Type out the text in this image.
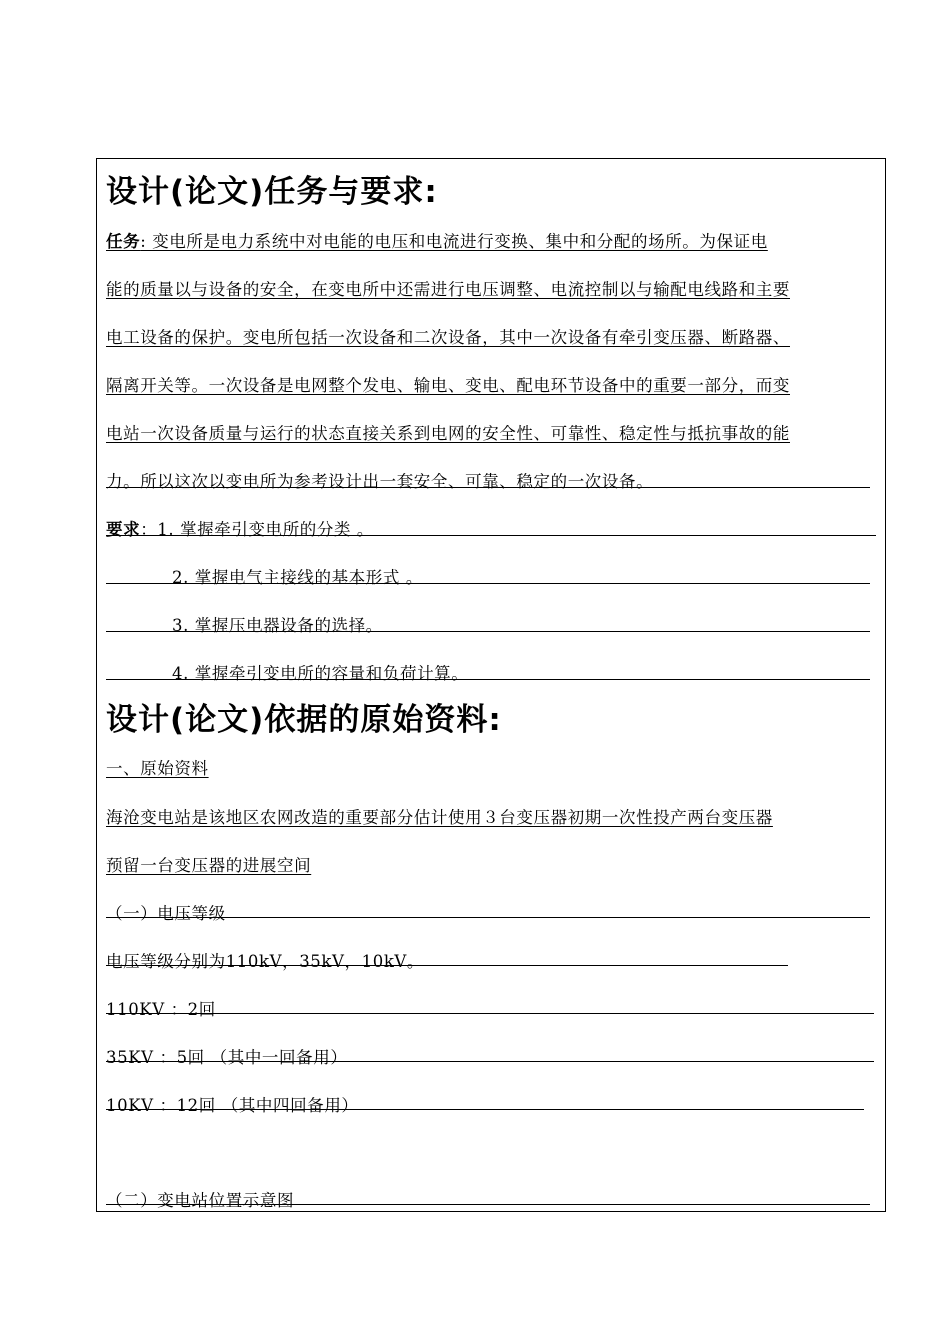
设计(论文)任务与要求:
任务: 变电所是电力系统中对电能的电压和电流进行变换、集中和分配的场所。为保证电
能的质量以与设备的安全，在变电所中还需进行电压调整、电流控制以与输配电线路和主要
电工设备的保护。变电所包括一次设备和二次设备，其中一次设备有牵引变压器、断路器、
隔离开关等。一次设备是电网整个发电、输电、变电、配电环节设备中的重要一部分，而变
电站一次设备质量与运行的状态直接关系到电网的安全性、可靠性、稳定性与抵抗事故的能
力。所以这次以变电所为参考设计出一套安全、可靠、稳定的一次设备。
要求：1. 掌握牵引变电所的分类 。
2. 掌握电气主接线的基本形式 。
3. 掌握压电器设备的选择。
4. 掌握牵引变电所的容量和负荷计算。
设计(论文)依据的原始资料:
一、原始资料
海沧变电站是该地区农网改造的重要部分估计使用３台变压器初期一次性投产两台变压器
预留一台变压器的进展空间
（一）电压等级
电压等级分别为110kV，35kV，10kV。
110KV ：2回
35KV ：5回 （其中一回备用）
10KV ：12回 （其中四回备用）
（二）变电站位置示意图
